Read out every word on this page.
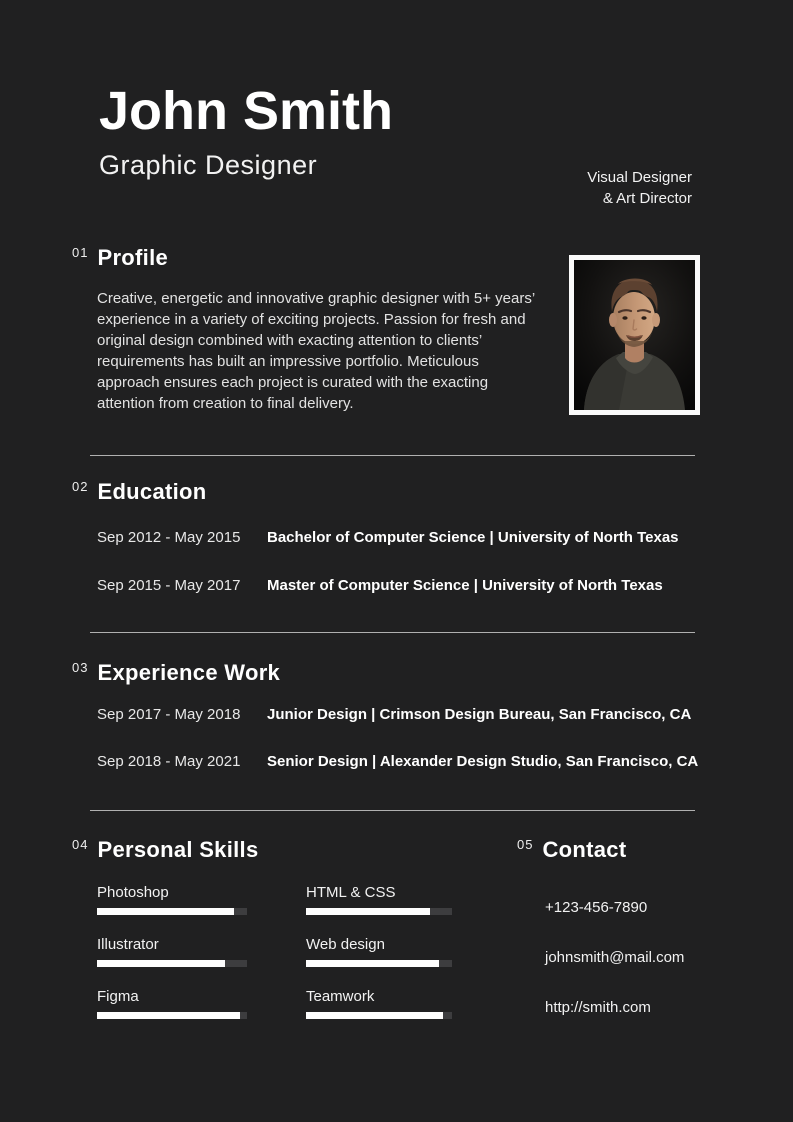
John Smith
Graphic Designer	Visual Designer
& Art Director
$^{01}$ Profile
Creative, energetic and innovative graphic designer with 5+ years’ experience in a variety of exciting projects. Passion for fresh and original design combined with exacting attention to clients’ requirements has built an impressive portfolio. Meticulous approach ensures each project is curated with the exacting attention from creation to final delivery.
$^{02}$ Education
Sep 2012 - May 2015 Bachelor of Computer Science | University of North Texas
Sep 2015 - May 2017 Master of Computer Science | University of North Texas
$^{03}$ Experience Work
Sep 2017 - May 2018 Junior Design | Crimson Design Bureau, San Francisco, CA
Sep 2018 - May 2021 Senior Design | Alexander Design Studio, San Francisco, CA
$^{04}$ Personal Skills
Photoshop
Illustrator
Figma
HTML & CSS
Web design
Teamwork
$^{05}$ Contact
+123-456-7890
johnsmith@mail.com
http://smith.com
